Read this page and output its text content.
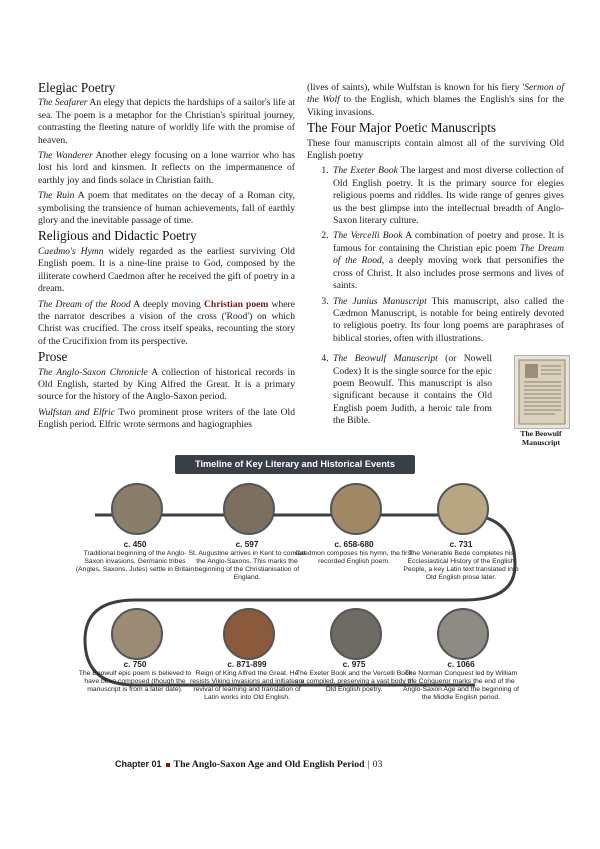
Elegiac Poetry

The Seafarer An elegy that depicts the hardships of a sailor's life at sea. The poem is a metaphor for the Christian's spiritual journey, contrasting the fleeting nature of worldly life with the promise of heaven.

The Wanderer Another elegy focusing on a lone warrior who has lost his lord and kinsmen. It reflects on the impermanence of earthly joy and finds solace in Christian faith.

The Ruin A poem that meditates on the decay of a Roman city, symbolising the transience of human achievements, fall of earthly glory and the inevitable passage of time.

Religious and Didactic Poetry

Caedmo's Hymn widely regarded as the earliest surviving Old English poem. It is a nine-line praise to God, composed by the illiterate cowherd Caedmon after he received the gift of poetry in a dream.

The Dream of the Rood A deeply moving Christian poem where the narrator describes a vision of the cross ('Rood') on which Christ was crucified. The cross itself speaks, recounting the story of the Crucifixion from its perspective.

Prose

The Anglo-Saxon Chronicle A collection of historical records in Old English, started by King Alfred the Great. It is a primary source for the history of the Anglo-Saxon period.

Wulfstan and Elfric Two prominent prose writers of the late Old English period. Elfric wrote sermons and hagiographies

(lives of saints), while Wulfstan is known for his fiery 'Sermon of the Wolf to the English, which blames the English's sins for the Viking invasions.

The Four Major Poetic Manuscripts

These four manuscripts contain almost all of the surviving Old English poetry

1. The Exeter Book The largest and most diverse collection of Old English poetry. It is the primary source for elegies religious poems and riddles. Its wide range of genres gives us the best glimpse into the intellectual breadth of Anglo-Saxon literary culture.
2. The Vercelli Book A combination of poetry and prose. It is famous for containing the Christian epic poem The Dream of the Rood, a deeply moving work that personifies the cross of Christ. It also includes prose sermons and lives of saints.
3. The Junius Manuscript This manuscript, also called the Cædmon Manuscript, is notable for being entirely devoted to religious poetry. Its four long poems are paraphrases of biblical stories, often with illustrations.
4. The Beowulf Manuscript (or Nowell Codex) It is the single source for the epic poem Beowulf. This manuscript is also significant because it contains the Old English poem Judith, a heroic tale from the Bible.
The Beowulf Manuscript
Timeline of Key Literary and Historical Events
c. 450
Traditional beginning of the Anglo-Saxon invasions. Germanic tribes (Angles, Saxons, Jutes) settle in Britain
c. 597
St. Augustine arrives in Kent to convert the Anglo-Saxons. This marks the beginning of the Christianisation of England.
c. 658-680
Caedmon composes his hymn, the first recorded English poem.
c. 731
The Venerable Bede completes his Ecclesiastical History of the English People, a key Latin text translated into Old English prose later.
c. 750
The Beowulf epic poem is believed to have been composed (though the manuscript is from a later date).
c. 871-899
Reign of King Alfred the Great. He resists Viking invasions and initiates a revival of learning and translation of Latin works into Old English.
c. 975
The Exeter Book and the Vercelli Book are compiled, preserving a vast body of Old English poetry.
c. 1066
The Norman Conquest led by William the Conqueror marks the end of the Anglo-Saxon Age and the beginning of the Middle English period.
Chapter 01 The Anglo-Saxon Age and Old English Period | 03
